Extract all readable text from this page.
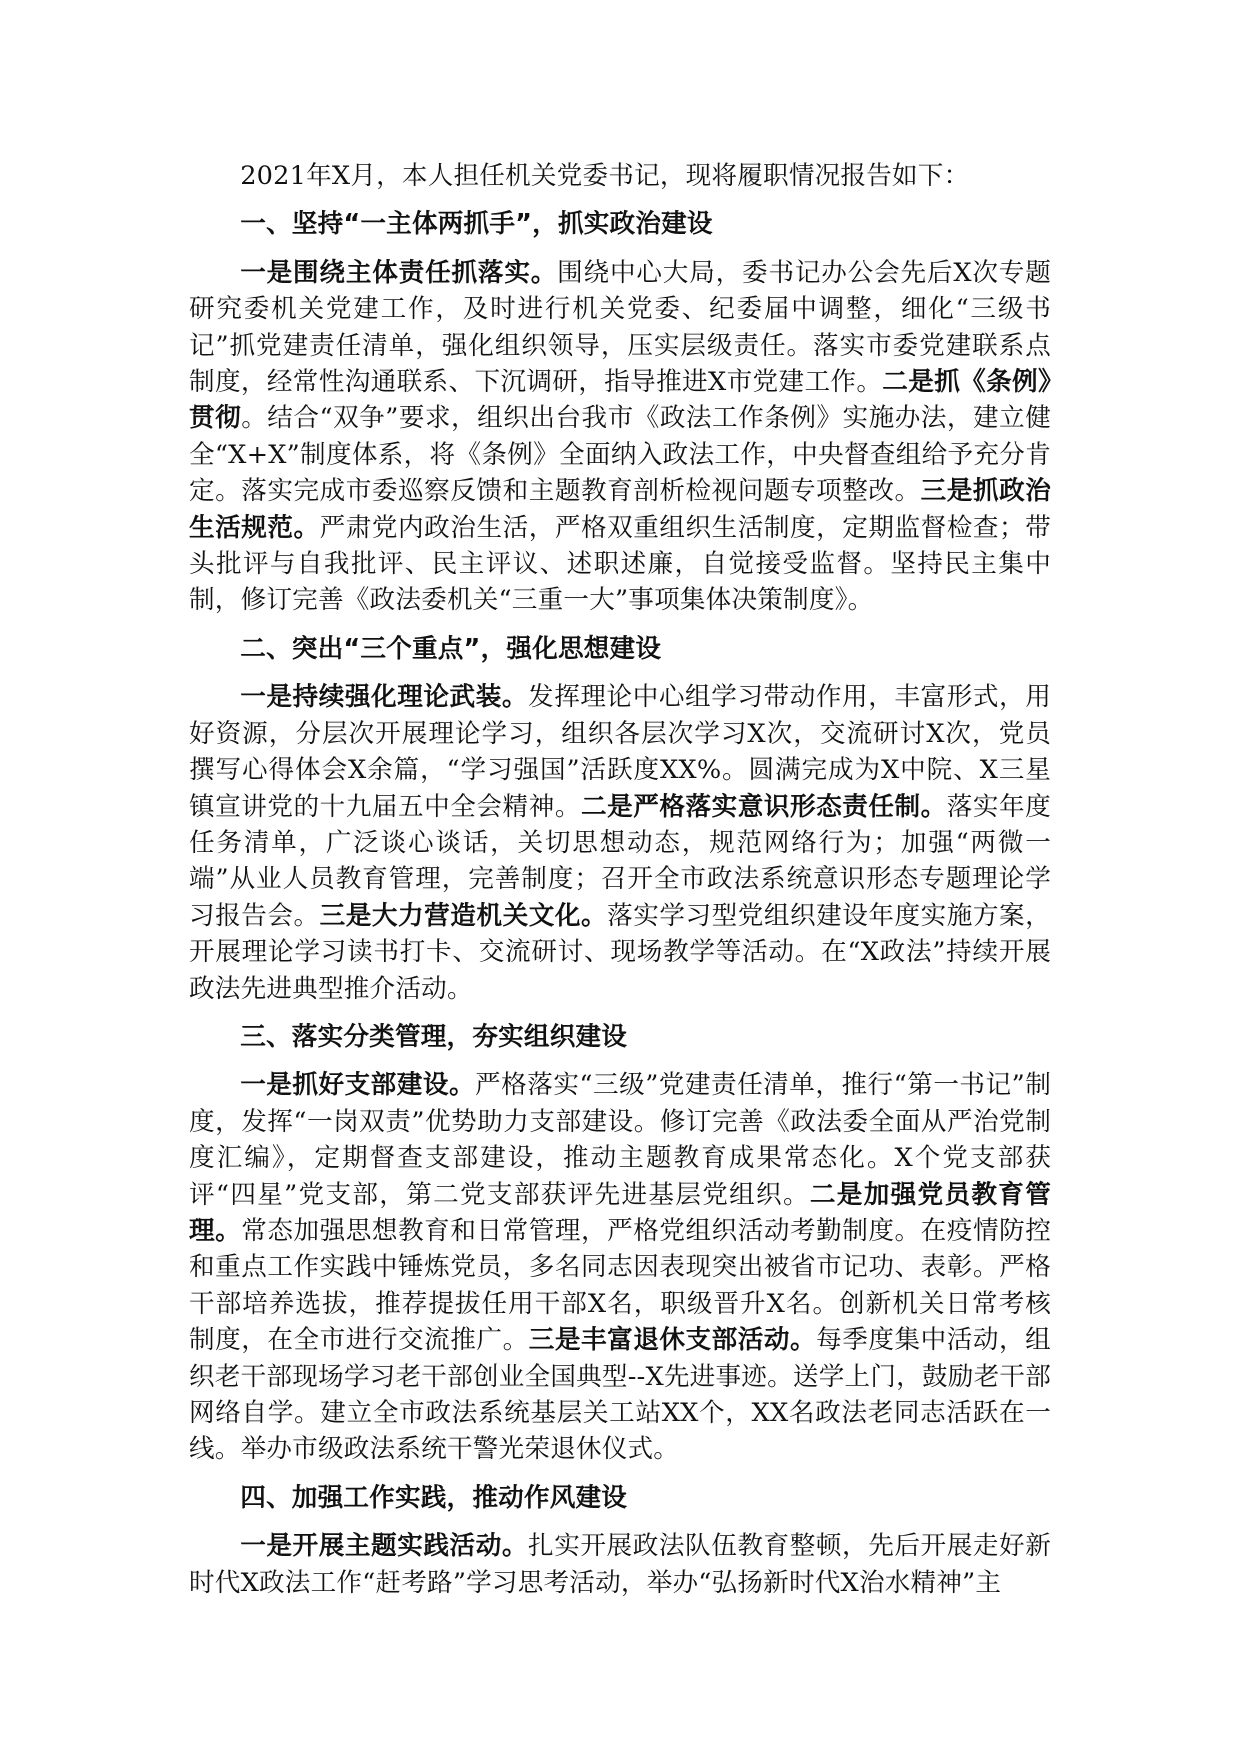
2021年X月，本人担任机关党委书记，现将履职情况报告如下：

一、坚持“一主体两抓手”，抓实政治建设

一是围绕主体责任抓落实。围绕中心大局，委书记办公会先后X次专题研究委机关党建工作，及时进行机关党委、纪委届中调整，细化“三级书记”抓党建责任清单，强化组织领导，压实层级责任。落实市委党建联系点制度，经常性沟通联系、下沉调研，指导推进X市党建工作。二是抓《条例》贯彻。结合“双争”要求，组织出台我市《政法工作条例》实施办法，建立健全“X+X”制度体系，将《条例》全面纳入政法工作，中央督查组给予充分肯定。落实完成市委巡察反馈和主题教育剖析检视问题专项整改。三是抓政治生活规范。严肃党内政治生活，严格双重组织生活制度，定期监督检查；带头批评与自我批评、民主评议、述职述廉，自觉接受监督。坚持民主集中制，修订完善《政法委机关“三重一大”事项集体决策制度》。

二、突出“三个重点”，强化思想建设

一是持续强化理论武装。发挥理论中心组学习带动作用，丰富形式，用好资源，分层次开展理论学习，组织各层次学习X次，交流研讨X次，党员撰写心得体会X余篇，“学习强国”活跃度XX%。圆满完成为X中院、X三星镇宣讲党的十九届五中全会精神。二是严格落实意识形态责任制。落实年度任务清单，广泛谈心谈话，关切思想动态，规范网络行为；加强“两微一端”从业人员教育管理，完善制度；召开全市政法系统意识形态专题理论学习报告会。三是大力营造机关文化。落实学习型党组织建设年度实施方案，开展理论学习读书打卡、交流研讨、现场教学等活动。在“X政法”持续开展政法先进典型推介活动。

三、落实分类管理，夯实组织建设

一是抓好支部建设。严格落实“三级”党建责任清单，推行“第一书记”制度，发挥“一岗双责”优势助力支部建设。修订完善《政法委全面从严治党制度汇编》，定期督查支部建设，推动主题教育成果常态化。X个党支部获评“四星”党支部，第二党支部获评先进基层党组织。二是加强党员教育管理。常态加强思想教育和日常管理，严格党组织活动考勤制度。在疫情防控和重点工作实践中锤炼党员，多名同志因表现突出被省市记功、表彰。严格干部培养选拔，推荐提拔任用干部X名，职级晋升X名。创新机关日常考核制度，在全市进行交流推广。三是丰富退休支部活动。每季度集中活动，组织老干部现场学习老干部创业全国典型--X先进事迹。送学上门，鼓励老干部网络自学。建立全市政法系统基层关工站XX个，XX名政法老同志活跃在一线。举办市级政法系统干警光荣退休仪式。

四、加强工作实践，推动作风建设

一是开展主题实践活动。扎实开展政法队伍教育整顿，先后开展走好新时代X政法工作“赶考路”学习思考活动，举办“弘扬新时代X治水精神”主
